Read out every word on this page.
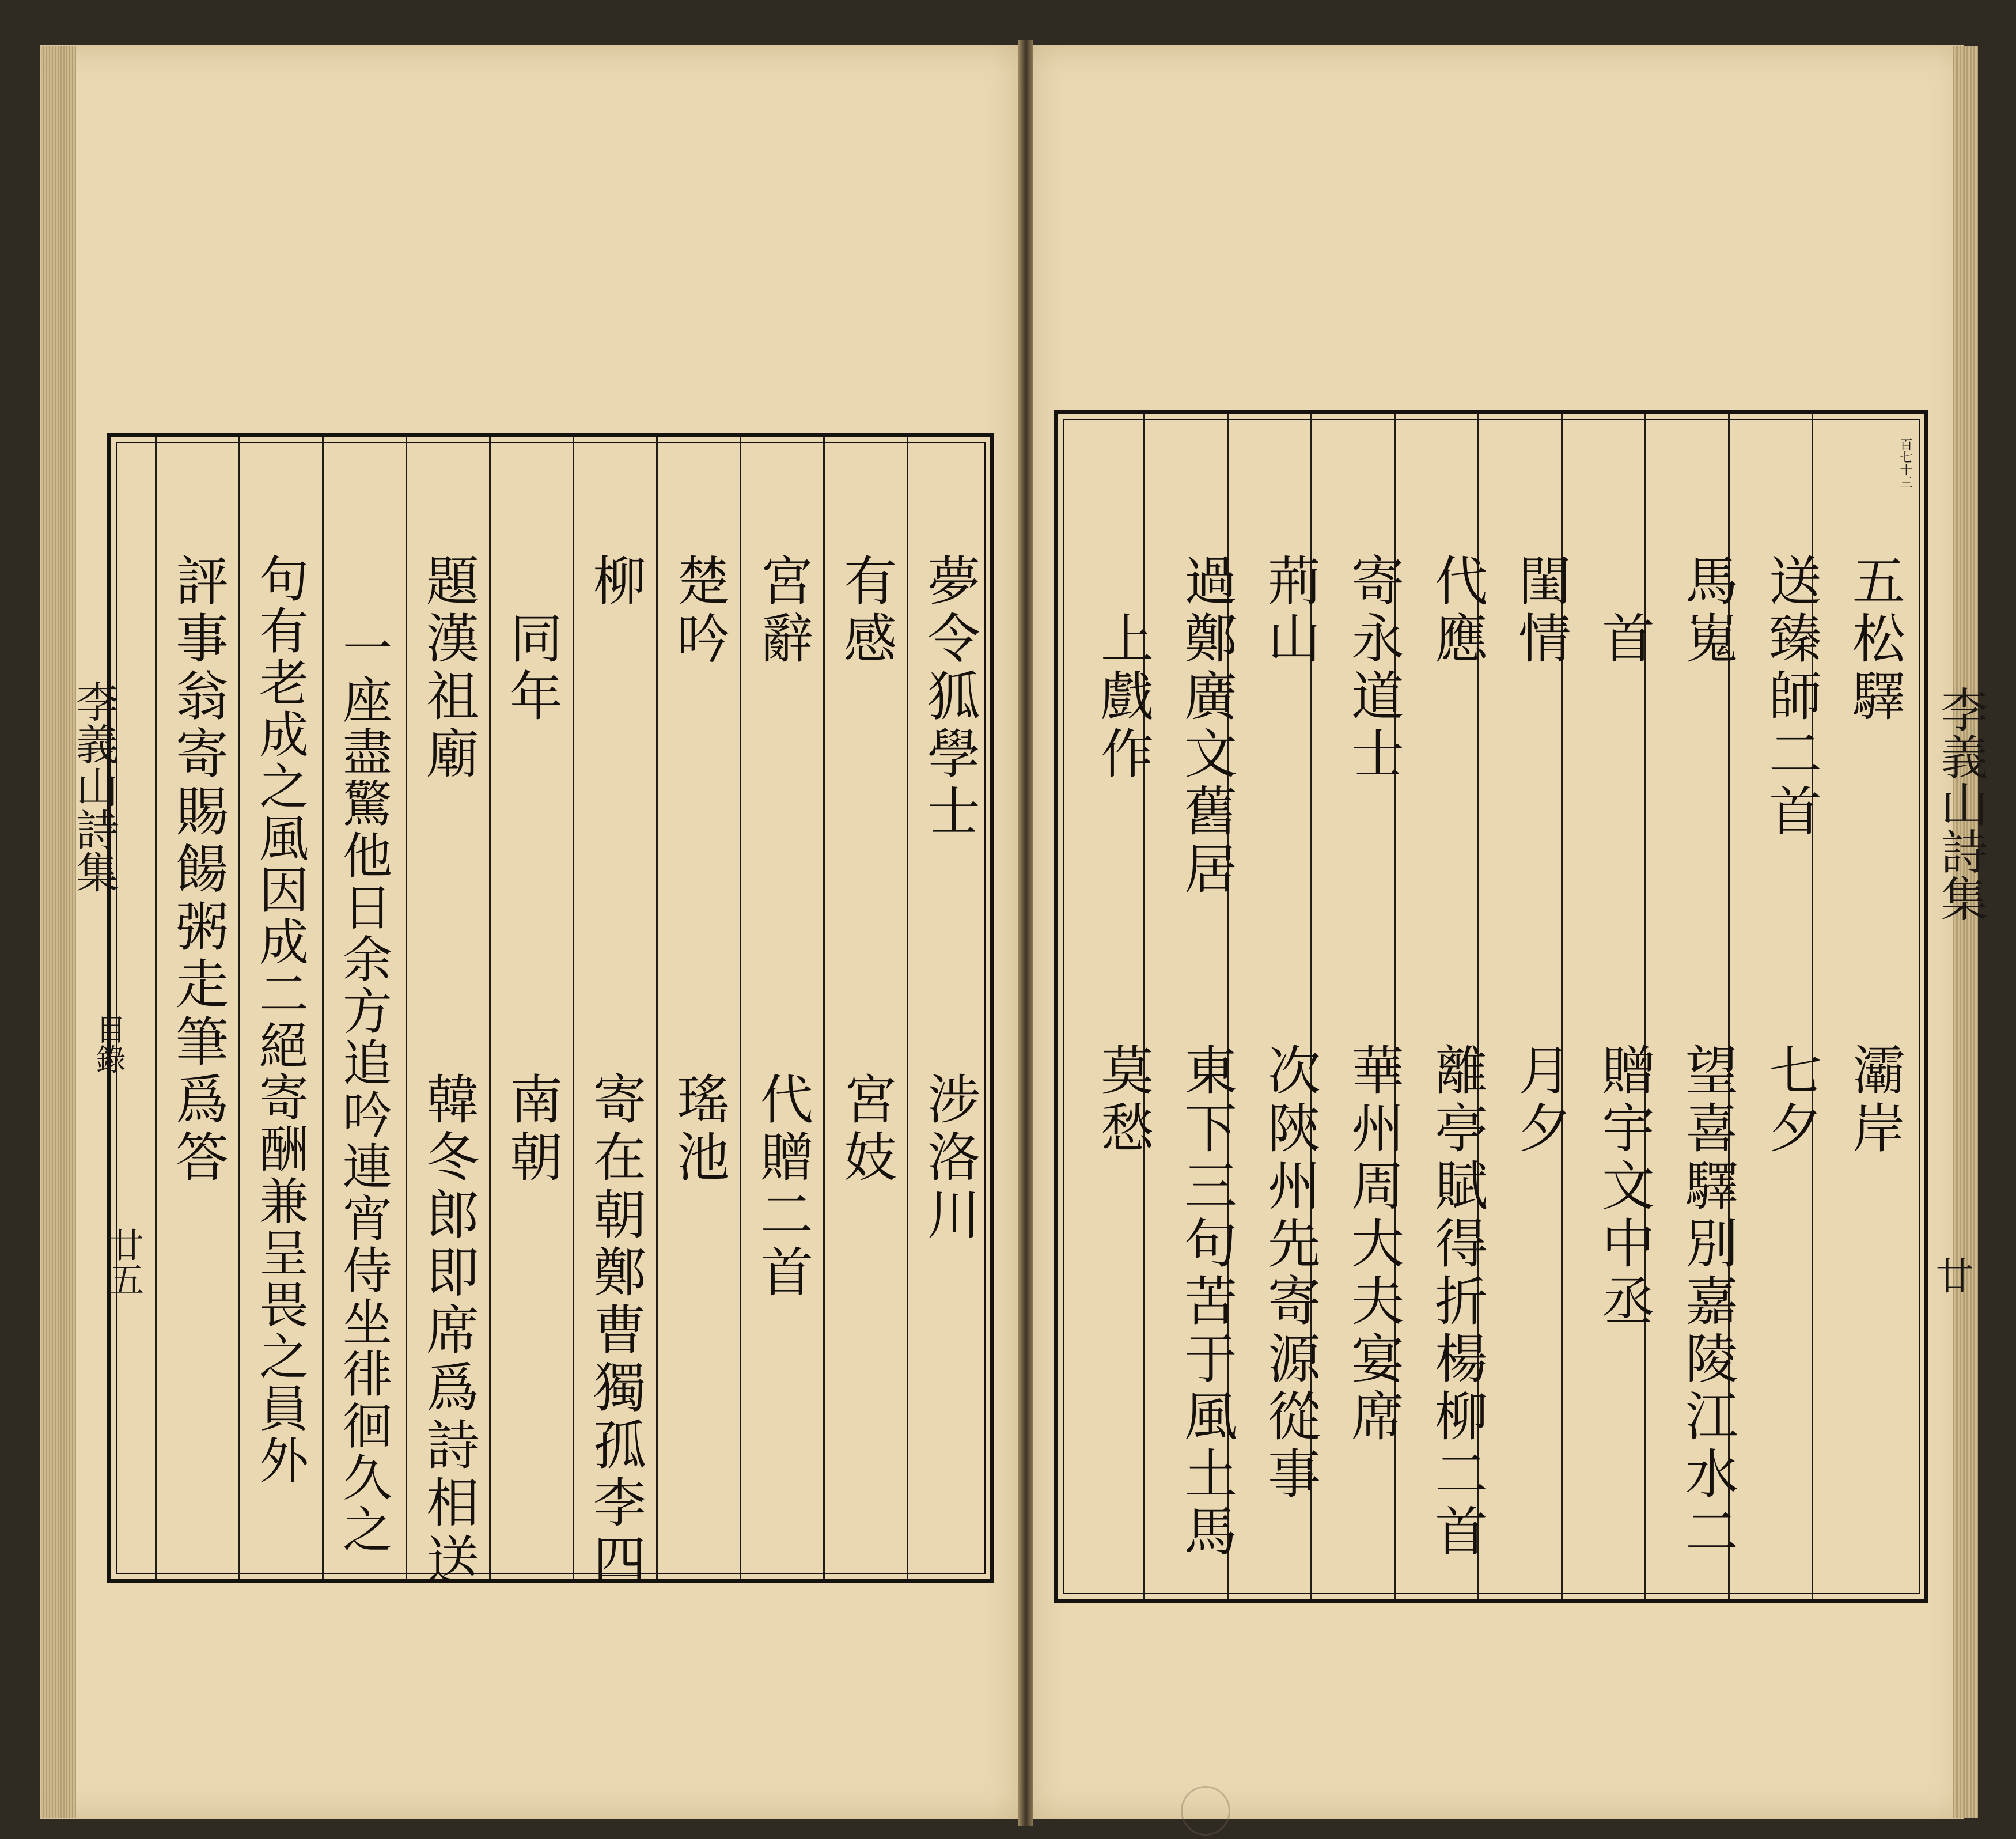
李義山詩集
目錄
廿五
李義山詩集
廿
百七十三
五松驛
灞岸
送臻師二首
七夕
馬嵬
望喜驛別嘉陵江水二
首
贈宇文中丞
閨情
月夕
代應
離亭賦得折楊柳二首
寄永道士
華州周大夫宴席
荊山
次陝州先寄源從事
過鄭廣文舊居
東下三句苦于風土馬
上戲作
莫愁
夢令狐學士
涉洛川
有感
宮妓
宮辭
代贈二首
楚吟
瑤池
柳
寄在朝鄭曹獨孤李四
同年
南朝
題漢祖廟
韓冬郎即席爲詩相送
一座盡驚他日余方追吟連宵侍坐徘徊久之
句有老成之風因成二絕寄酬兼呈畏之員外
評事翁寄賜餳粥走筆爲答
